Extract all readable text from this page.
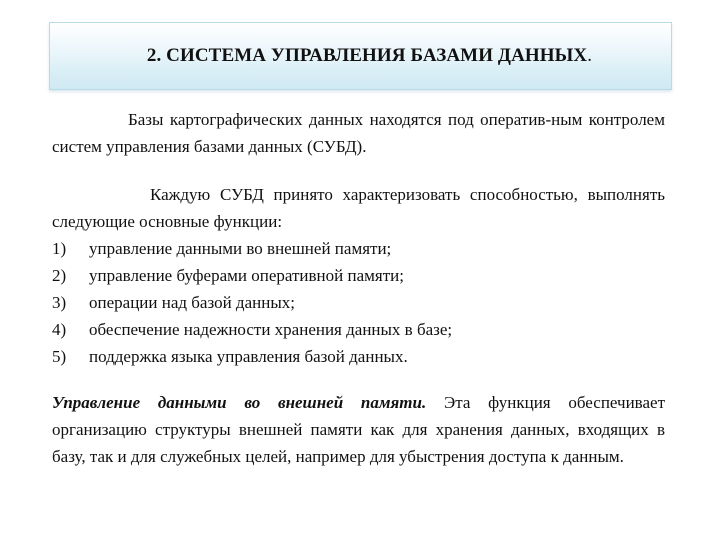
2. СИСТЕМА УПРАВЛЕНИЯ БАЗАМИ ДАННЫХ.

Базы картографических данных находятся под оператив-ным контролем систем управления базами данных (СУБД).

Каждую СУБД принято характеризовать способностью, выполнять следующие основные функции:

1)	управление данными во внешней памяти;
2)	управление буферами оперативной памяти;
3)	операции над базой данных;
4)	обеспечение надежности хранения данных в базе;
5)	поддержка языка управления базой данных.

Управление данными во внешней памяти. Эта функция обеспечивает организацию структуры внешней памяти как для хранения данных, входящих в базу, так и для служебных целей, например для убыстрения доступа к данным.
